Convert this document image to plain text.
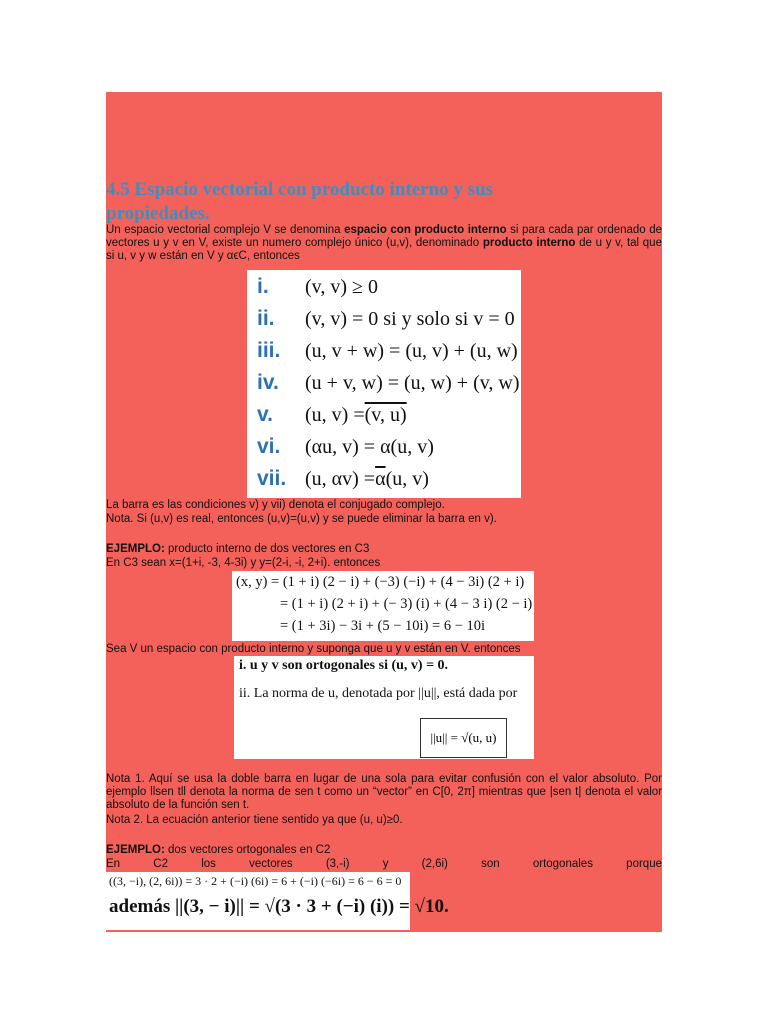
4.5 Espacio vectorial con producto interno y sus propiedades.
Un espacio vectorial complejo V se denomina espacio con producto interno si para cada par ordenado de vectores u y v en V, existe un numero complejo único (u,v), denominado producto interno de u y v, tal que si u, v y w están en V y αϵC, entonces
i.	(v, v) ≥ 0
ii.	(v, v) = 0 si y solo si v = 0
iii.	(u, v + w) = (u, v) + (u, w)
iv.	(u + v, w) = (u, w) + (v, w)
v.	(u, v) = (v, u)
vi.	(αu, v) = α(u, v)
vii. (u, $\alpha v) = \overline{\alpha}$ (u, v)
La barra es las condiciones v) y vii) denota el conjugado complejo.
Nota. Si (u,v) es real, entonces (u,v)=(u,v) y se puede eliminar la barra en v).
EJEMPLO: producto interno de dos vectores en C3
En C3 sean x=(1+i, -3, 4-3i) y y=(2-i, -i, 2+i). entonces
(x, y) = (1 + i) (2 − i) + (−3) (−i) + (4 − 3i) (2 + i)
= (1 + i) (2 + i) + (− 3) (i) + (4 − 3 i) (2 − i)
= (1 + 3i) − 3i + (5 − 10i) = 6 − 10i
Sea V un espacio con producto interno y suponga que u y v están en V. entonces
i. u y v son ortogonales si (u, v) = 0.
ii. La norma de u, denotada por ||u||, está dada por
||u|| = √(u, u)
Nota 1. Aquí se usa la doble barra en lugar de una sola para evitar confusión con el valor absoluto. Por ejemplo llsen tll denota la norma de sen t como un “vector” en C[0, 2π] mientras que |sen t| denota el valor absoluto de la función sen t.
Nota 2. La ecuación anterior tiene sentido ya que (u, u)≥0.
EJEMPLO: dos vectores ortogonales en C2
En	C2	los	vectores	(3,-i)	y	(2,6i)	son	ortogonales	porque
((3, −i), (2, 6i)) = 3 · 2 + (−i) (6i) = 6 + (−i) (−6i) = 6 − 6 = 0
además ||(3, − i)|| = √(3 · 3 + (−i) (i)) = √10.
